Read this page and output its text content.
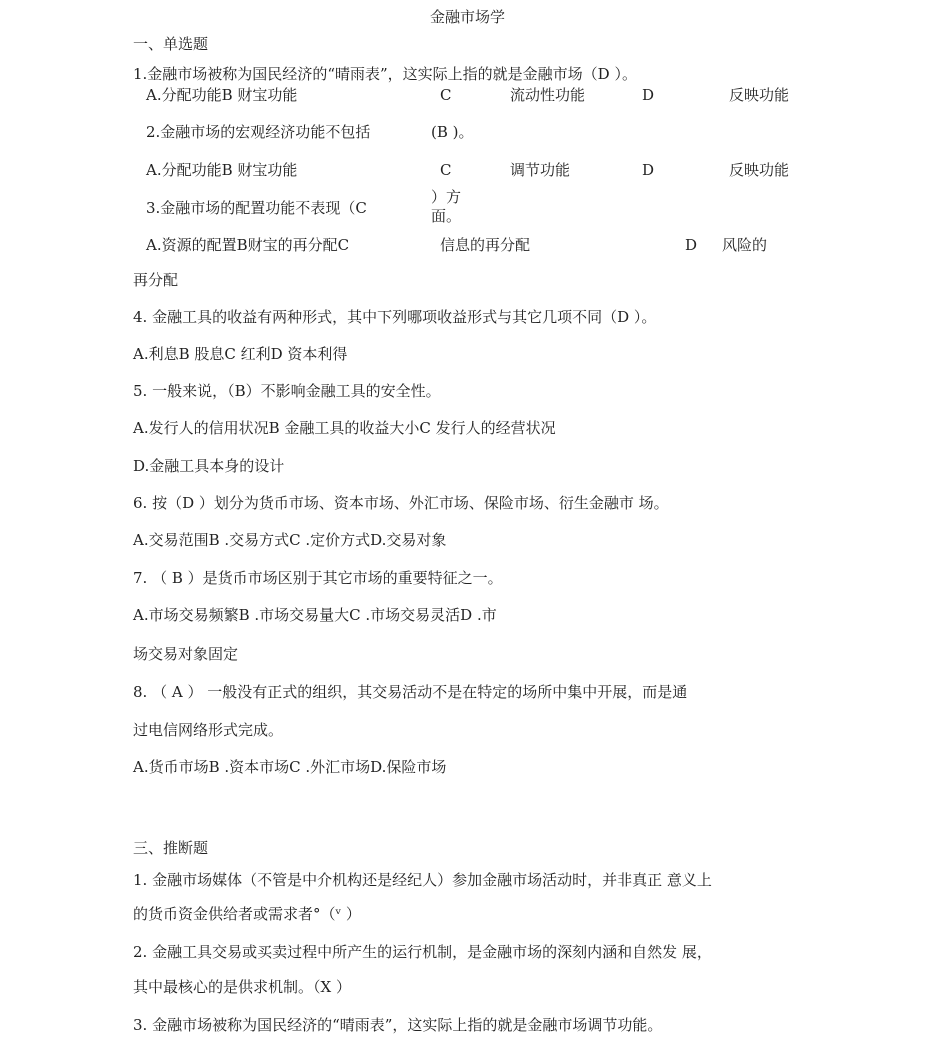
金融市场学
一、单选题
1.金融市场被称为国民经济的“晴雨表”，这实际上指的就是金融市场（D ）。
A.分配功能B 财宝功能	C	流动性功能	D	反映功能
2.金融市场的宏观经济功能不包括	(B )。
A.分配功能B 财宝功能	C	调节功能	D	反映功能
3.金融市场的配置功能不表现（C
）方
面。
A.资源的配置B财宝的再分配C	信息的再分配	D 风险的
再分配
4. 金融工具的收益有两种形式，其中下列哪项收益形式与其它几项不同（D ）。
A.利息B 股息C 红利D 资本利得
5. 一般来说，（B）不影响金融工具的安全性。
A.发行人的信用状况B 金融工具的收益大小C 发行人的经营状况
D.金融工具本身的设计
6. 按（D ）划分为货币市场、资本市场、外汇市场、保险市场、衍生金融市 场。
A.交易范围B .交易方式C .定价方式D.交易对象
7. （ B ）是货币市场区别于其它市场的重要特征之一。
A.市场交易频繁B .市场交易量大C .市场交易灵活D .市
场交易对象固定
8. （ A ） 一般没有正式的组织，其交易活动不是在特定的场所中集中开展，而是通
过电信网络形式完成。
A.货币市场B .资本市场C .外汇市场D.保险市场
三、推断题
1. 金融市场媒体（不管是中介机构还是经纪人）参加金融市场活动时，并非真正 意义上
的货币资金供给者或需求者°（ᵛ ）
2. 金融工具交易或买卖过程中所产生的运行机制，是金融市场的深刻内涵和自然发 展，
其中最核心的是供求机制。（X ）
3. 金融市场被称为国民经济的“晴雨表”，这实际上指的就是金融市场调节功能。
